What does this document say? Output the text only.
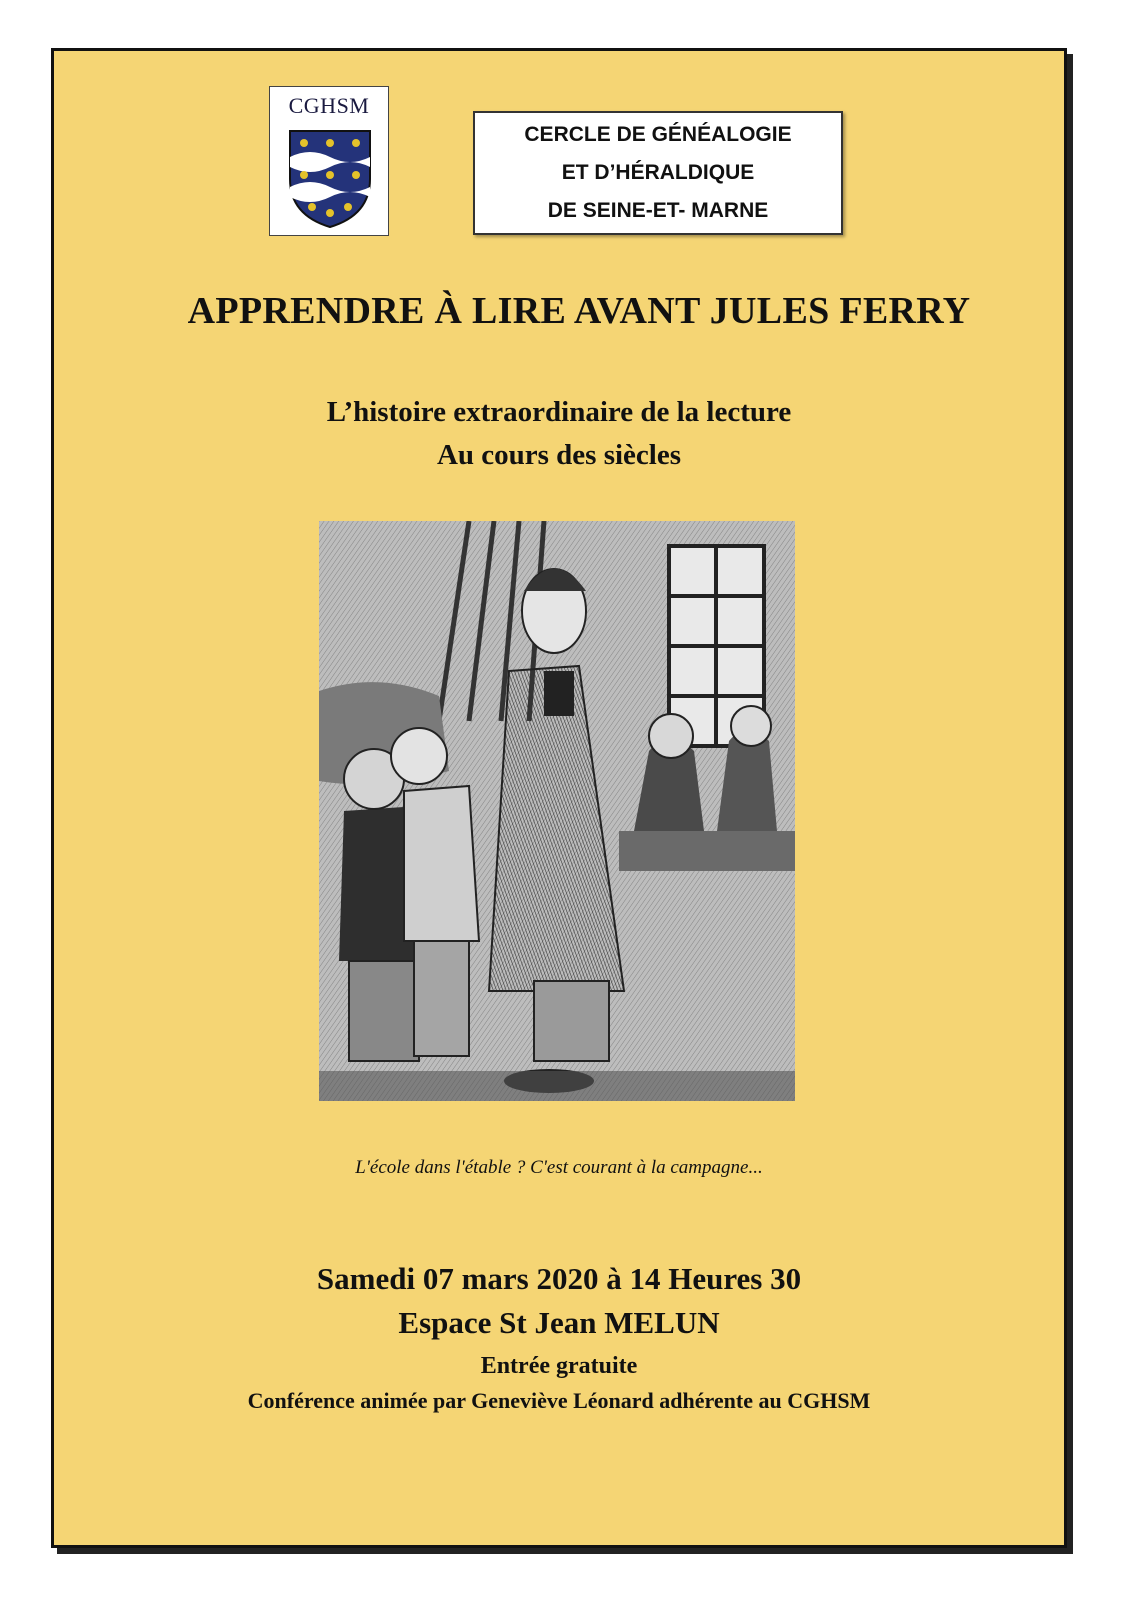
CGHSM
CERCLE DE GÉNÉALOGIE
ET D’HÉRALDIQUE
DE SEINE-ET- MARNE
APPRENDRE À LIRE AVANT JULES FERRY
L’histoire extraordinaire de la lecture
Au cours des siècles
L'école dans l'étable ? C'est courant à la campagne...
Samedi 07 mars 2020 à 14 Heures 30
Espace St Jean MELUN
Entrée gratuite
Conférence animée par Geneviève Léonard adhérente au CGHSM
